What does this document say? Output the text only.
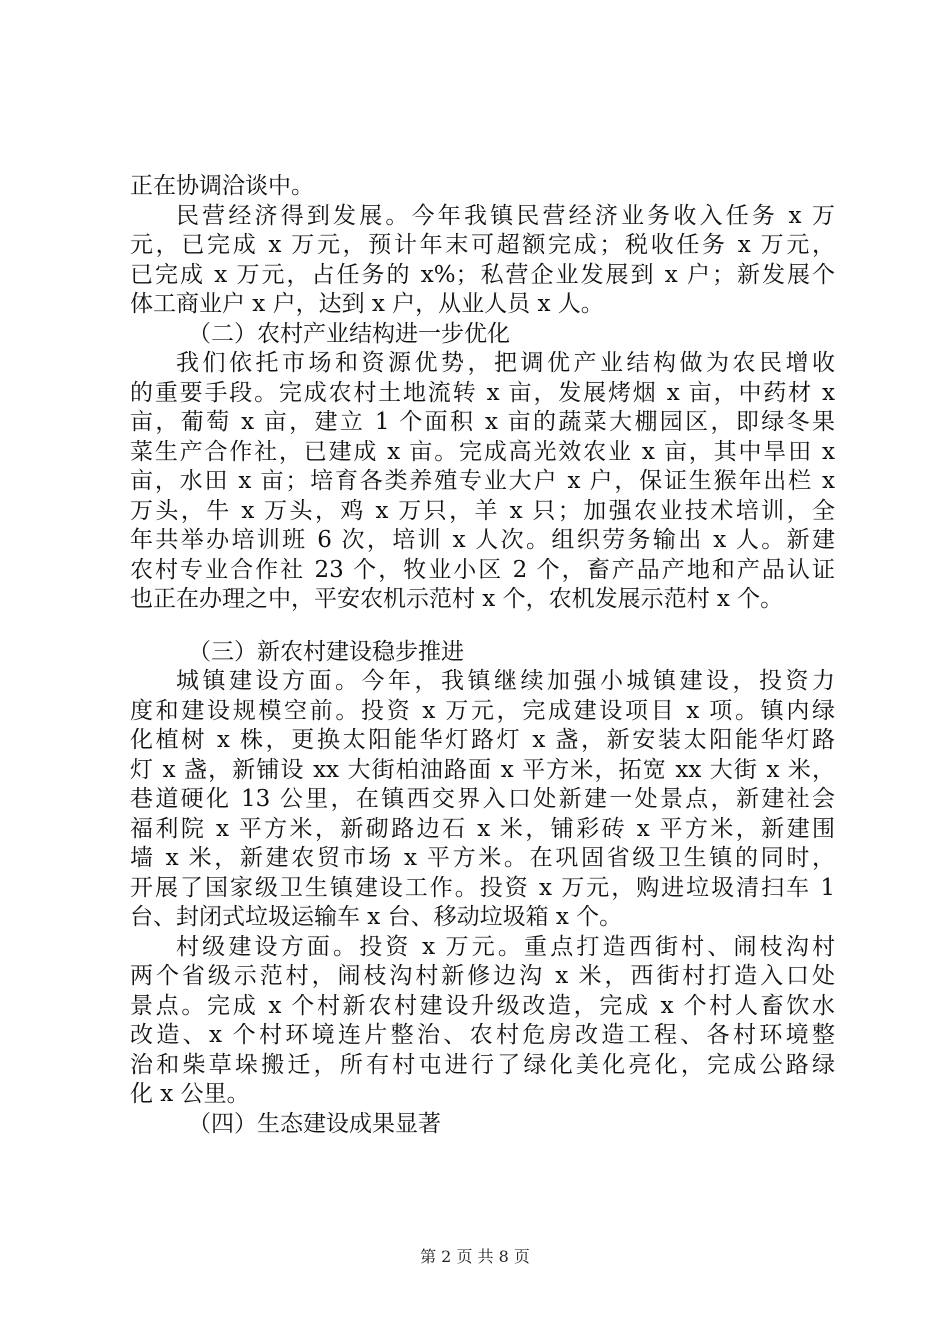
正在协调洽谈中。
民营经济得到发展。今年我镇民营经济业务收入任务 x 万
元，已完成 x 万元，预计年末可超额完成；税收任务 x 万元，
已完成 x 万元，占任务的 x%；私营企业发展到 x 户；新发展个
体工商业户 x 户，达到 x 户，从业人员 x 人。
（二）农村产业结构进一步优化
我们依托市场和资源优势，把调优产业结构做为农民增收
的重要手段。完成农村土地流转 x 亩，发展烤烟 x 亩，中药材 x
亩，葡萄 x 亩，建立 1 个面积 x 亩的蔬菜大棚园区，即绿冬果
菜生产合作社，已建成 x 亩。完成高光效农业 x 亩，其中旱田 x
亩，水田 x 亩；培育各类养殖专业大户 x 户，保证生猴年出栏 x
万头，牛 x 万头，鸡 x 万只，羊 x 只；加强农业技术培训，全
年共举办培训班 6 次，培训 x 人次。组织劳务输出 x 人。新建
农村专业合作社 23 个，牧业小区 2 个，畜产品产地和产品认证
也正在办理之中，平安农机示范村 x 个，农机发展示范村 x 个。
（三）新农村建设稳步推进
城镇建设方面。今年，我镇继续加强小城镇建设，投资力
度和建设规模空前。投资 x 万元，完成建设项目 x 项。镇内绿
化植树 x 株，更换太阳能华灯路灯 x 盏，新安装太阳能华灯路
灯 x 盏，新铺设 xx 大街柏油路面 x 平方米，拓宽 xx 大街 x 米，
巷道硬化 13 公里，在镇西交界入口处新建一处景点，新建社会
福利院 x 平方米，新砌路边石 x 米，铺彩砖 x 平方米，新建围
墙 x 米，新建农贸市场 x 平方米。在巩固省级卫生镇的同时，
开展了国家级卫生镇建设工作。投资 x 万元，购进垃圾清扫车 1
台、封闭式垃圾运输车 x 台、移动垃圾箱 x 个。
村级建设方面。投资 x 万元。重点打造西街村、闹枝沟村
两个省级示范村，闹枝沟村新修边沟 x 米，西街村打造入口处
景点。完成 x 个村新农村建设升级改造，完成 x 个村人畜饮水
改造、x 个村环境连片整治、农村危房改造工程、各村环境整
治和柴草垛搬迁，所有村屯进行了绿化美化亮化，完成公路绿
化 x 公里。
（四）生态建设成果显著
第 2 页 共 8 页
